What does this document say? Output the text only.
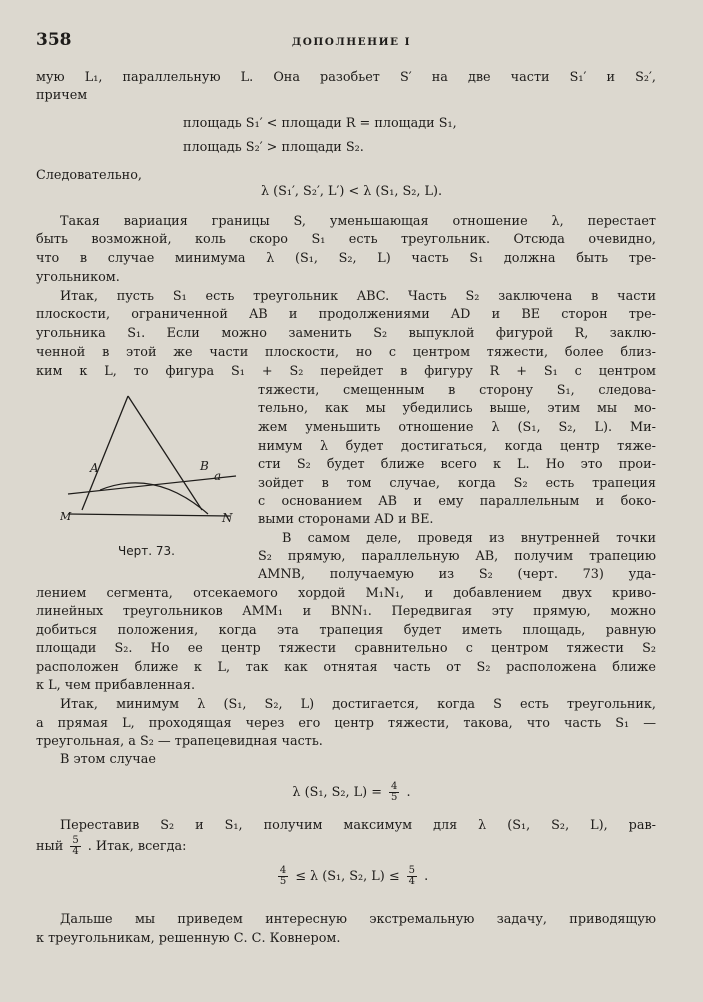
358	ДОПОЛНЕНИЕ I
мую L₁, параллельную L. Она разобьет S′ на две части S₁′ и S₂′,
причем
площадь S₁′ < площади R = площади S₁,
площадь S₂′ > площади S₂.
Следовательно,
λ (S₁′, S₂′, L′) < λ (S₁, S₂, L).
Такая вариация границы S, уменьшающая отношение λ, перестает
быть возможной, коль скоро S₁ есть треугольник. Отсюда очевидно,
что в случае минимума λ (S₁, S₂, L) часть S₁ должна быть тре-
угольником.
Итак, пусть S₁ есть треугольник ABC. Часть S₂ заключена в части
плоскости, ограниченной AB и продолжениями AD и BE сторон тре-
угольника S₁. Если можно заменить S₂ выпуклой фигурой R, заклю-
ченной в этой же части плоскости, но с центром тяжести, более близ-
ким к L, то фигура S₁ + S₂ перейдет в фигуру R + S₁ с центром
тяжести, смещенным в сторону S₁, следова-
тельно, как мы убедились выше, этим мы мо-
жем уменьшить отношение λ (S₁, S₂, L). Ми-
нимум λ будет достигаться, когда центр тяже-
сти S₂ будет ближе всего к L. Но это прои-
зойдет в том случае, когда S₂ есть трапеция
с основанием AB и ему параллельным и боко-
выми сторонами AD и BE.
В самом деле, проведя из внутренней точки
S₂ прямую, параллельную AB, получим трапецию
AMNB, получаемую из S₂ (черт. 73) уда-
A	B
a
M	N
Черт. 73.
лением сегмента, отсекаемого хордой M₁N₁, и добавлением двух криво-
линейных треугольников AMM₁ и BNN₁. Передвигая эту прямую, можно
добиться положения, когда эта трапеция будет иметь площадь, равную
площади S₂. Но ее центр тяжести сравнительно с центром тяжести S₂
расположен ближе к L, так как отнятая часть от S₂ расположена ближе
к L, чем прибавленная.
Итак, минимум λ (S₁, S₂, L) достигается, когда S есть треугольник,
а прямая L, проходящая через его центр тяжести, такова, что часть S₁ —
треугольная, а S₂ — трапецевидная часть.
В этом случае
λ (S₁, S₂, $L) = \frac{4}{5}$ .
Переставив S₂ и S₁, получим максимум для λ (S₁, S₂, L), рав-
ный $\frac{5}{4}$ . Итак, всегда:
$\frac{4}{5} \le \lambda$ (S₁, S₂, $L) \le \frac{5}{4}$ .
Дальше мы приведем интересную экстремальную задачу, приводящую
к треугольникам, решенную С. С. Ковнером.
